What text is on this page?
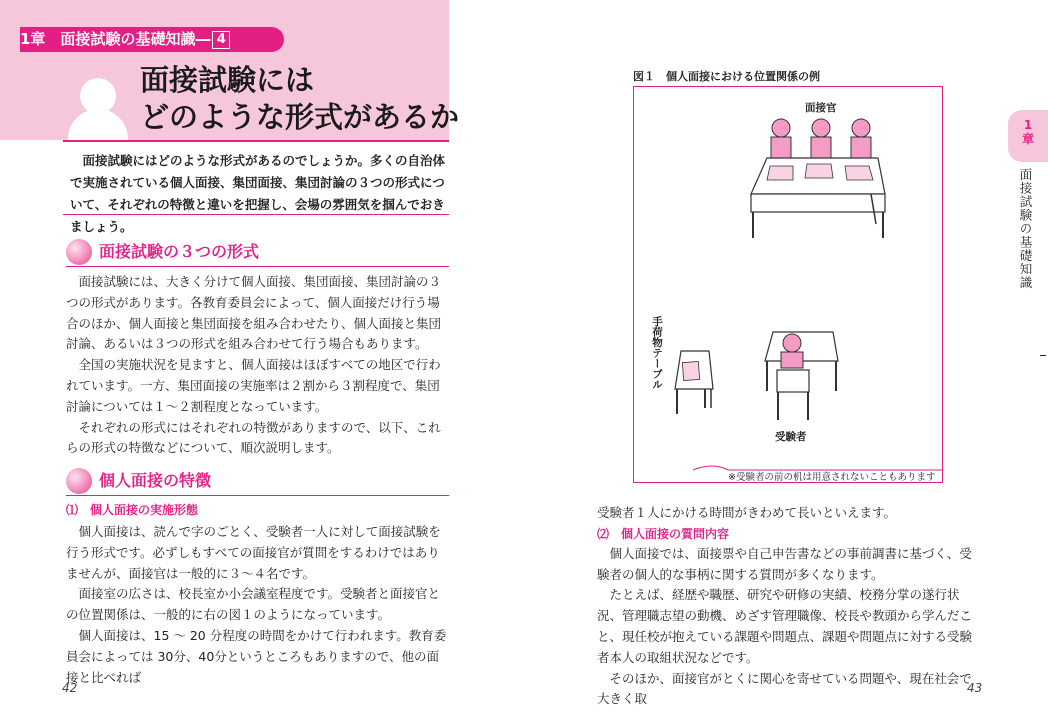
1章　面接試験の基礎知識― 4
面接試験には
どのような形式があるか

面接試験にはどのような形式があるのでしょうか。多くの自治体で実施されている個人面接、集団面接、集団討論の３つの形式について、それぞれの特徴と違いを把握し、会場の雰囲気を掴んでおきましょう。

面接試験の３つの形式

面接試験には、大きく分けて個人面接、集団面接、集団討論の３つの形式があります。各教育委員会によって、個人面接だけ行う場合のほか、個人面接と集団面接を組み合わせたり、個人面接と集団討論、あるいは３つの形式を組み合わせて行う場合もあります。

全国の実施状況を見ますと、個人面接はほぼすべての地区で行われています。一方、集団面接の実施率は２割から３割程度で、集団討論については１～２割程度となっています。

それぞれの形式にはそれぞれの特徴がありますので、以下、これらの形式の特徴などについて、順次説明します。

個人面接の特徴
⑴　個人面接の実施形態

個人面接は、読んで字のごとく、受験者一人に対して面接試験を行う形式です。必ずしもすべての面接官が質問をするわけではありませんが、面接官は一般的に３～４名です。

面接室の広さは、校長室か小会議室程度です。受験者と面接官との位置関係は、一般的に右の図１のようになっています。

個人面接は、15 ～ 20 分程度の時間をかけて行われます。教育委員会によっては 30分、40分というところもありますので、他の面接と比べれば

42
1
章
面接試験の基礎知識
図１　個人面接における位置関係の例
面接官
手荷物テーブル
受験者
※受験者の前の机は用意されないこともあります
受験者１人にかける時間がきわめて長いといえます。
⑵　個人面接の質問内容

個人面接では、面接票や自己申告書などの事前調書に基づく、受験者の個人的な事柄に関する質問が多くなります。

たとえば、経歴や職歴、研究や研修の実績、校務分掌の遂行状況、管理職志望の動機、めざす管理職像、校長や教頭から学んだこと、現任校が抱えている課題や問題点、課題や問題点に対する受験者本人の取組状況などです。

そのほか、面接官がとくに関心を寄せている問題や、現在社会で大きく取

43
